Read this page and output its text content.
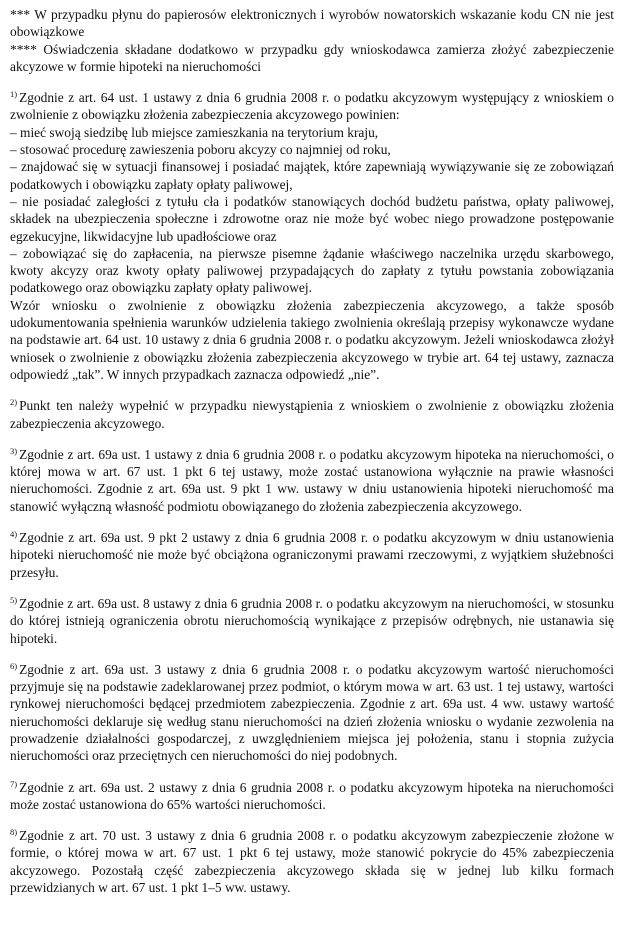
*** W przypadku płynu do papierosów elektronicznych i wyrobów nowatorskich wskazanie kodu CN nie jest obowiązkowe

**** Oświadczenia składane dodatkowo w przypadku gdy wnioskodawca zamierza złożyć zabezpieczenie akcyzowe w formie hipoteki na nieruchomości

$^{1)}$ Zgodnie z art. 64 ust. 1 ustawy z dnia 6 grudnia 2008 r. o podatku akcyzowym występujący z wnioskiem o zwolnienie z obowiązku złożenia zabezpieczenia akcyzowego powinien:

– mieć swoją siedzibę lub miejsce zamieszkania na terytorium kraju,

– stosować procedurę zawieszenia poboru akcyzy co najmniej od roku,

– znajdować się w sytuacji finansowej i posiadać majątek, które zapewniają wywiązywanie się ze zobowiązań podatkowych i obowiązku zapłaty opłaty paliwowej,

– nie posiadać zaległości z tytułu cła i podatków stanowiących dochód budżetu państwa, opłaty paliwowej, składek na ubezpieczenia społeczne i zdrowotne oraz nie może być wobec niego prowadzone postępowanie egzekucyjne, likwidacyjne lub upadłościowe oraz

– zobowiązać się do zapłacenia, na pierwsze pisemne żądanie właściwego naczelnika urzędu skarbowego, kwoty akcyzy oraz kwoty opłaty paliwowej przypadających do zapłaty z tytułu powstania zobowiązania podatkowego oraz obowiązku zapłaty opłaty paliwowej.

Wzór wniosku o zwolnienie z obowiązku złożenia zabezpieczenia akcyzowego, a także sposób udokumentowania spełnienia warunków udzielenia takiego zwolnienia określają przepisy wykonawcze wydane na podstawie art. 64 ust. 10 ustawy z dnia 6 grudnia 2008 r. o podatku akcyzowym. Jeżeli wnioskodawca złożył wniosek o zwolnienie z obowiązku złożenia zabezpieczenia akcyzowego w trybie art. 64 tej ustawy, zaznacza odpowiedź „tak”. W innych przypadkach zaznacza odpowiedź „nie”.

$^{2)}$ Punkt ten należy wypełnić w przypadku niewystąpienia z wnioskiem o zwolnienie z obowiązku złożenia zabezpieczenia akcyzowego.

$^{3)}$ Zgodnie z art. 69a ust. 1 ustawy z dnia 6 grudnia 2008 r. o podatku akcyzowym hipoteka na nieruchomości, o której mowa w art. 67 ust. 1 pkt 6 tej ustawy, może zostać ustanowiona wyłącznie na prawie własności nieruchomości. Zgodnie z art. 69a ust. 9 pkt 1 ww. ustawy w dniu ustanowienia hipoteki nieruchomość ma stanowić wyłączną własność podmiotu obowiązanego do złożenia zabezpieczenia akcyzowego.

$^{4)}$ Zgodnie z art. 69a ust. 9 pkt 2 ustawy z dnia 6 grudnia 2008 r. o podatku akcyzowym w dniu ustanowienia hipoteki nieruchomość nie może być obciążona ograniczonymi prawami rzeczowymi, z wyjątkiem służebności przesyłu.

$^{5)}$ Zgodnie z art. 69a ust. 8 ustawy z dnia 6 grudnia 2008 r. o podatku akcyzowym na nieruchomości, w stosunku do której istnieją ograniczenia obrotu nieruchomością wynikające z przepisów odrębnych, nie ustanawia się hipoteki.

$^{6)}$ Zgodnie z art. 69a ust. 3 ustawy z dnia 6 grudnia 2008 r. o podatku akcyzowym wartość nieruchomości przyjmuje się na podstawie zadeklarowanej przez podmiot, o którym mowa w art. 63 ust. 1 tej ustawy, wartości rynkowej nieruchomości będącej przedmiotem zabezpieczenia. Zgodnie z art. 69a ust. 4 ww. ustawy wartość nieruchomości deklaruje się według stanu nieruchomości na dzień złożenia wniosku o wydanie zezwolenia na prowadzenie działalności gospodarczej, z uwzględnieniem miejsca jej położenia, stanu i stopnia zużycia nieruchomości oraz przeciętnych cen nieruchomości do niej podobnych.

$^{7)}$ Zgodnie z art. 69a ust. 2 ustawy z dnia 6 grudnia 2008 r. o podatku akcyzowym hipoteka na nieruchomości może zostać ustanowiona do 65% wartości nieruchomości.

$^{8)}$ Zgodnie z art. 70 ust. 3 ustawy z dnia 6 grudnia 2008 r. o podatku akcyzowym zabezpieczenie złożone w formie, o której mowa w art. 67 ust. 1 pkt 6 tej ustawy, może stanowić pokrycie do 45% zabezpieczenia akcyzowego. Pozostałą część zabezpieczenia akcyzowego składa się w jednej lub kilku formach przewidzianych w art. 67 ust. 1 pkt 1–5 ww. ustawy.
